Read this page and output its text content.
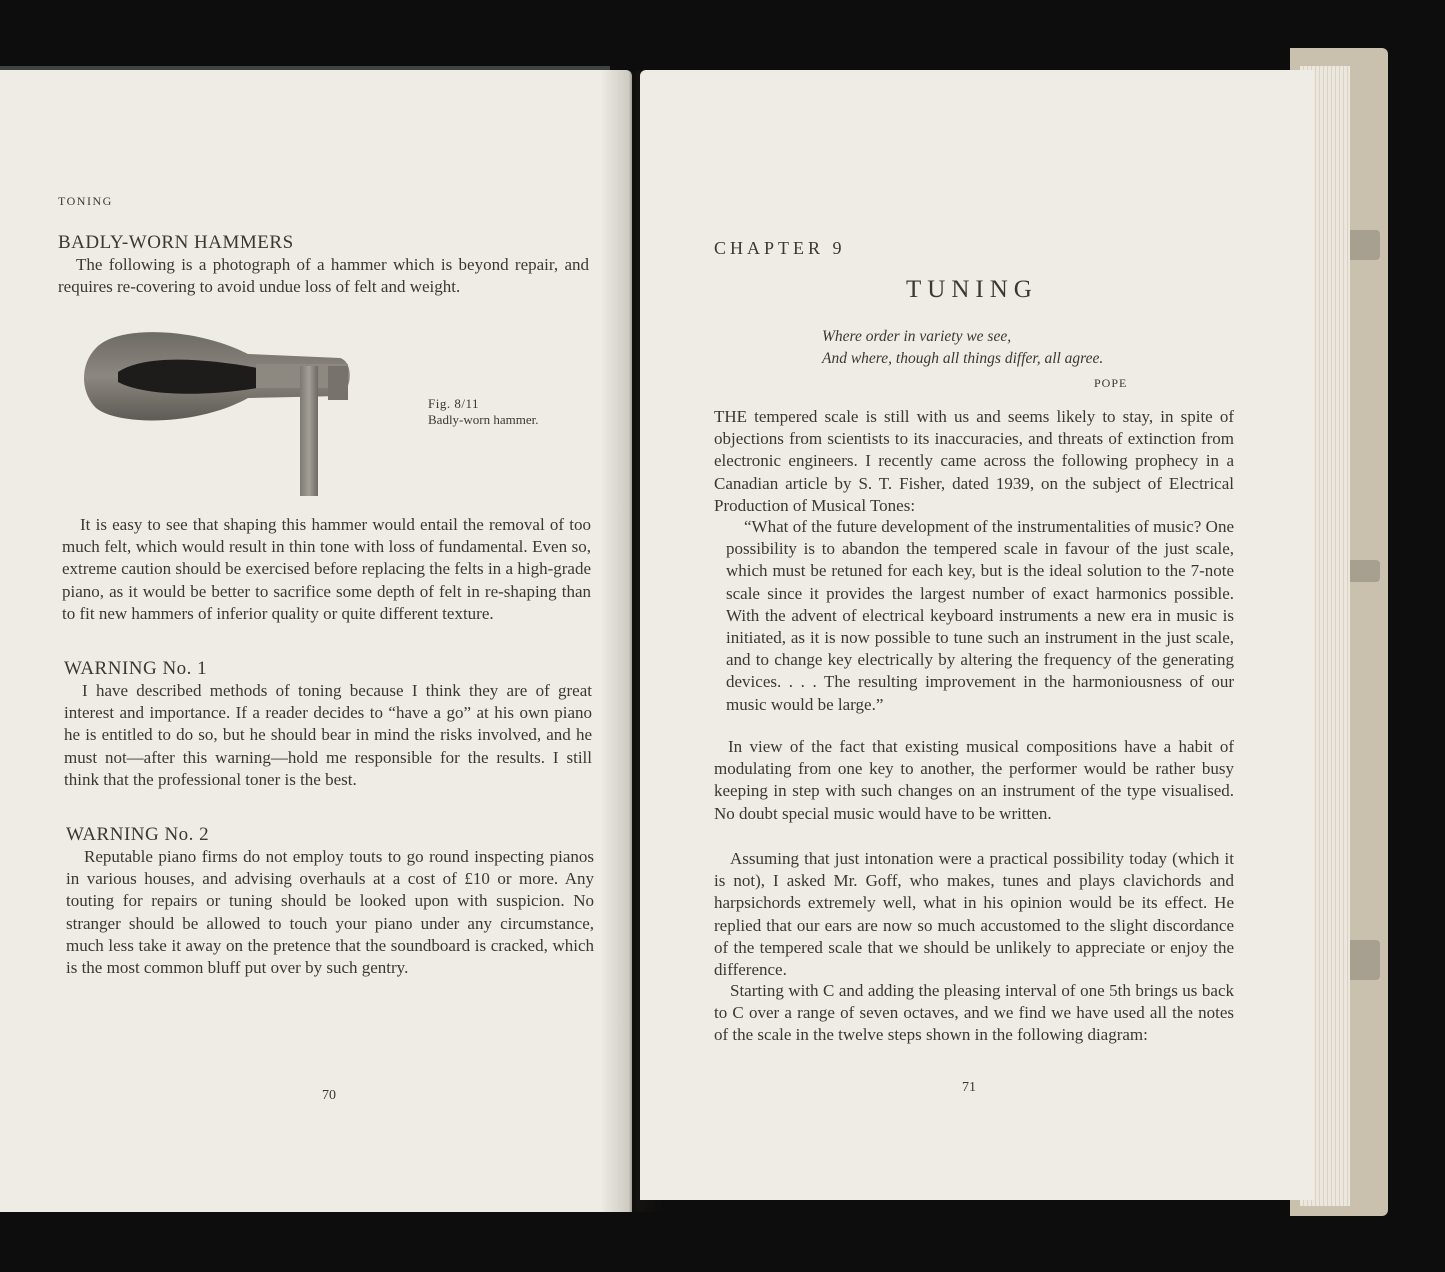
TONING

BADLY-WORN HAMMERS

The following is a photograph of a hammer which is beyond repair, and requires re-covering to avoid undue loss of felt and weight.

Fig. 8/11
Badly-worn hammer.

It is easy to see that shaping this hammer would entail the removal of too much felt, which would result in thin tone with loss of fundamental. Even so, extreme caution should be exercised before replacing the felts in a high-grade piano, as it would be better to sacrifice some depth of felt in re-shaping than to fit new hammers of inferior quality or quite different texture.

WARNING No. 1

I have described methods of toning because I think they are of great interest and importance. If a reader decides to “have a go” at his own piano he is entitled to do so, but he should bear in mind the risks involved, and he must not—after this warning—hold me responsible for the results. I still think that the professional toner is the best.

WARNING No. 2

Reputable piano firms do not employ touts to go round inspecting pianos in various houses, and advising overhauls at a cost of £10 or more. Any touting for repairs or tuning should be looked upon with suspicion. No stranger should be allowed to touch your piano under any circumstance, much less take it away on the pretence that the soundboard is cracked, which is the most common bluff put over by such gentry.

70

CHAPTER 9

TUNING

Where order in variety we see,
And where, though all things differ, all agree.

POPE

THE tempered scale is still with us and seems likely to stay, in spite of objections from scientists to its inaccuracies, and threats of extinction from electronic engineers. I recently came across the following prophecy in a Canadian article by S. T. Fisher, dated 1939, on the subject of Electrical Production of Musical Tones:

“What of the future development of the instrumentalities of music? One possibility is to abandon the tempered scale in favour of the just scale, which must be retuned for each key, but is the ideal solution to the 7-note scale since it provides the largest number of exact harmonics possible. With the advent of electrical keyboard instruments a new era in music is initiated, as it is now possible to tune such an instrument in the just scale, and to change key electrically by altering the frequency of the generating devices. . . . The resulting improvement in the harmoniousness of our music would be large.”

In view of the fact that existing musical compositions have a habit of modulating from one key to another, the performer would be rather busy keeping in step with such changes on an instrument of the type visualised. No doubt special music would have to be written.

Assuming that just intonation were a practical possibility today (which it is not), I asked Mr. Goff, who makes, tunes and plays clavichords and harpsichords extremely well, what in his opinion would be its effect. He replied that our ears are now so much accustomed to the slight discordance of the tempered scale that we should be unlikely to appreciate or enjoy the difference.

Starting with C and adding the pleasing interval of one 5th brings us back to C over a range of seven octaves, and we find we have used all the notes of the scale in the twelve steps shown in the following diagram:

71
